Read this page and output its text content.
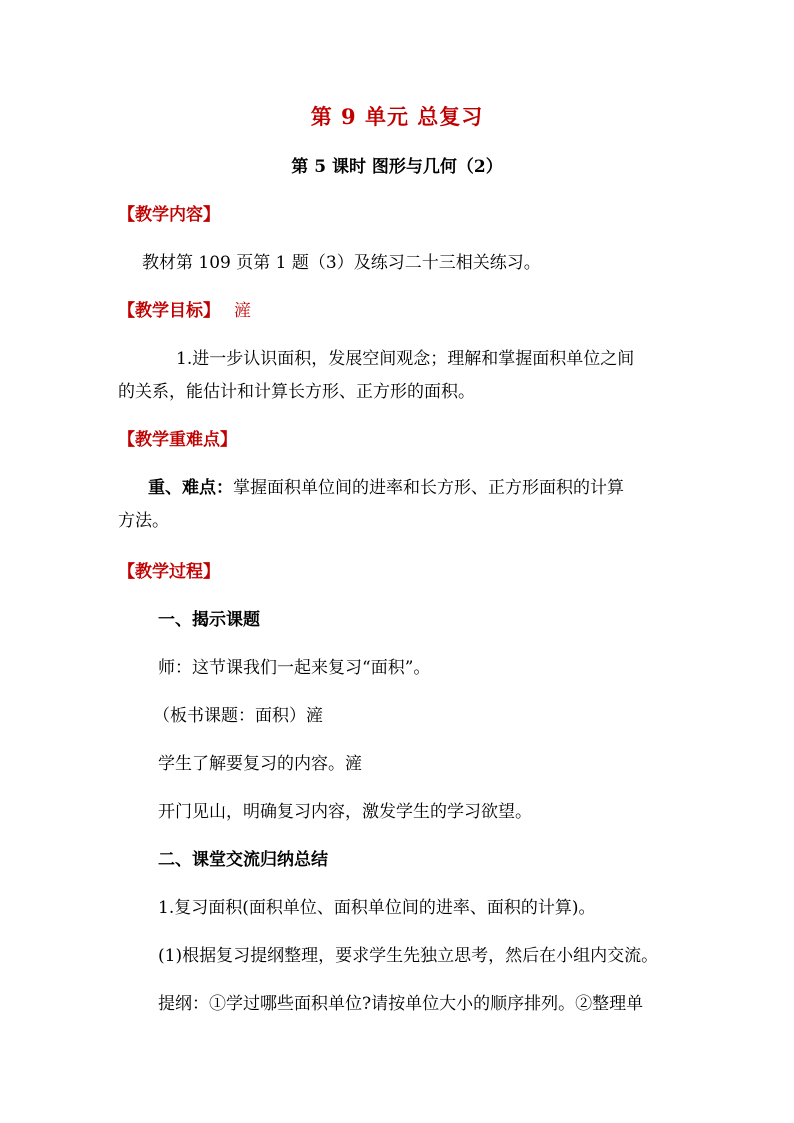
第 9 单元 总复习
第 5 课时 图形与几何（2）
【教学内容】
教材第 109 页第 1 题（3）及练习二十三相关练习。
【教学目标】 滻
1.进一步认识面积，发展空间观念；理解和掌握面积单位之间
的关系，能估计和计算长方形、正方形的面积。
【教学重难点】
重、难点：掌握面积单位间的进率和长方形、正方形面积的计算
方法。
【教学过程】
一、揭示课题
师：这节课我们一起来复习“面积”。
（板书课题：面积）滻
学生了解要复习的内容。滻
开门见山，明确复习内容，激发学生的学习欲望。
二、课堂交流归纳总结
1.复习面积(面积单位、面积单位间的进率、面积的计算)。
(1)根据复习提纲整理，要求学生先独立思考，然后在小组内交流。
提纲：①学过哪些面积单位?请按单位大小的顺序排列。②整理单
